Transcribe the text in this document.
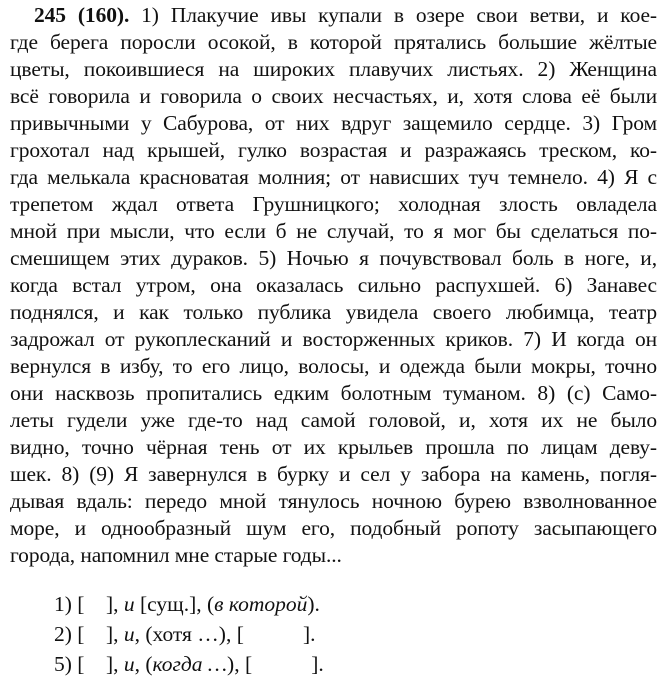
245 (160). 1) Плакучие ивы купали в озере свои ветви, и кое-
где берега поросли осокой, в которой прятались большие жёлтые
цветы, покоившиеся на широких плавучих листьях. 2) Женщина
всё говорила и говорила о своих несчастьях, и, хотя слова её были
привычными у Сабурова, от них вдруг защемило сердце. 3) Гром
грохотал над крышей, гулко возрастая и разражаясь треском, ко-
гда мелькала красноватая молния; от нависших туч темнело. 4) Я с
трепетом ждал ответа Грушницкого; холодная злость овладела
мной при мысли, что если б не случай, то я мог бы сделаться по-
смешищем этих дураков. 5) Ночью я почувствовал боль в ноге, и,
когда встал утром, она оказалась сильно распухшей. 6) Занавес
поднялся, и как только публика увидела своего любимца, театр
задрожал от рукоплесканий и восторженных криков. 7) И когда он
вернулся в избу, то его лицо, волосы, и одежда были мокры, точно
они насквозь пропитались едким болотным туманом. 8) (с) Само-
леты гудели уже где-то над самой головой, и, хотя их не было
видно, точно чёрная тень от их крыльев прошла по лицам деву-
шек. 8) (9) Я завернулся в бурку и сел у забора на камень, погля-
дывая вдаль: передо мной тянулось ночною бурею взволнованное
море, и однообразный шум его, подобный ропоту засыпающего
города, напомнил мне старые годы...
1) [    ], и [сущ.], (в которой).
2) [    ], и, (хотя …), [           ].
5) [    ], и, (когда …), [           ].
